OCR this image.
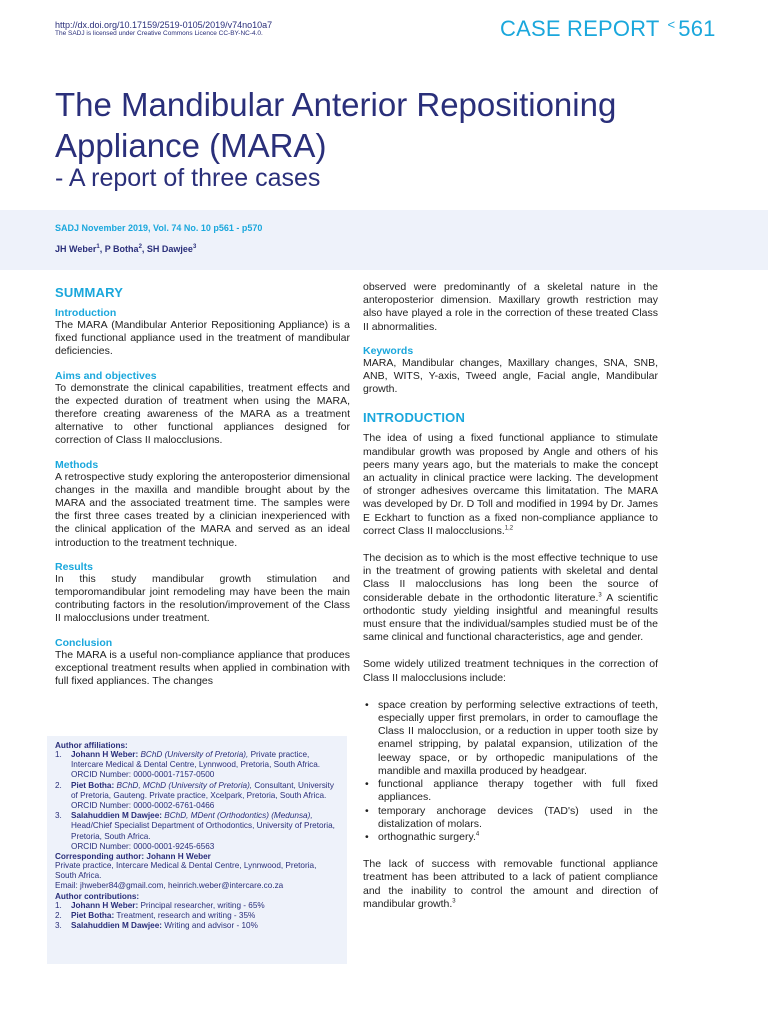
http://dx.doi.org/10.17159/2519-0105/2019/v74no10a7
The SADJ is licensed under Creative Commons Licence CC-BY-NC-4.0.	CASE REPORT < 561
The Mandibular Anterior Repositioning Appliance (MARA)
- A report of three cases
SADJ November 2019, Vol. 74 No. 10 p561 - p570
JH Weber$^1$, P Botha$^2$, SH Dawjee$^3$
SUMMARY
Introduction
The MARA (Mandibular Anterior Repositioning Appliance) is a fixed functional appliance used in the treatment of mandibular deficiencies.
Aims and objectives
To demonstrate the clinical capabilities, treatment effects and the expected duration of treatment when using the MARA, therefore creating awareness of the MARA as a treatment alternative to other functional appliances designed for correction of Class II malocclusions.
Methods
A retrospective study exploring the anteroposterior dimensional changes in the maxilla and mandible brought about by the MARA and the associated treatment time. The samples were the first three cases treated by a clinician inexperienced with the clinical application of the MARA and served as an ideal introduction to the treatment technique.
Results
In this study mandibular growth stimulation and temporomandibular joint remodeling may have been the main contributing factors in the resolution/improvement of the Class II malocclusions under treatment.
Conclusion
The MARA is a useful non-compliance appliance that produces exceptional treatment results when applied in combination with full fixed appliances. The changes
Author affiliations:
1.	Johann H Weber: BChD (University of Pretoria), Private practice, Intercare Medical & Dental Centre, Lynnwood, Pretoria, South Africa.
ORCID Number: 0000-0001-7157-0500
2.	Piet Botha: BChD, MChD (University of Pretoria), Consultant, University of Pretoria, Gauteng. Private practice, Xcelpark, Pretoria, South Africa.
ORCID Number: 0000-0002-6761-0466
3.	Salahuddien M Dawjee: BChD, MDent (Orthodontics) (Medunsa), Head/Chief Specialist Department of Orthodontics, University of Pretoria, Pretoria, South Africa.
ORCID Number: 0000-0001-9245-6563
Corresponding author: Johann H Weber
Private practice, Intercare Medical & Dental Centre, Lynnwood, Pretoria, South Africa.
Email: jhweber84@gmail.com, heinrich.weber@intercare.co.za
Author contributions:
1.	Johann H Weber: Principal researcher, writing - 65%
2.	Piet Botha: Treatment, research and writing - 35%
3.	Salahuddien M Dawjee: Writing and advisor - 10%
observed were predominantly of a skeletal nature in the anteroposterior dimension. Maxillary growth restriction may also have played a role in the correction of these treated Class II abnormalities.
Keywords
MARA, Mandibular changes, Maxillary changes, SNA, SNB, ANB, WITS, Y-axis, Tweed angle, Facial angle, Mandibular growth.
INTRODUCTION
The idea of using a fixed functional appliance to stimulate mandibular growth was proposed by Angle and others of his peers many years ago, but the materials to make the concept an actuality in clinical practice were lacking. The development of stronger adhesives overcame this limitatation. The MARA was developed by Dr. D Toll and modified in 1994 by Dr. James E Eckhart to function as a fixed non-compliance appliance to correct Class II malocclusions.$^{1,2}$
The decision as to which is the most effective technique to use in the treatment of growing patients with skeletal and dental Class II malocclusions has long been the source of considerable debate in the orthodontic literature.$^3$ A scientific orthodontic study yielding insightful and meaningful results must ensure that the individual/samples studied must be of the same clinical and functional characteristics, age and gender.
Some widely utilized treatment techniques in the correction of Class II malocclusions include:
• space creation by performing selective extractions of teeth, especially upper first premolars, in order to camouflage the Class II malocclusion, or a reduction in upper tooth size by enamel stripping, by palatal expansion, utilization of the leeway space, or by orthopedic manipulations of the mandible and maxilla produced by headgear.
• functional appliance therapy together with full fixed appliances.
• temporary anchorage devices (TAD's) used in the distalization of molars.
• orthognathic surgery.$^4$
The lack of success with removable functional appliance treatment has been attributed to a lack of patient compliance and the inability to control the amount and direction of mandibular growth.$^3$
